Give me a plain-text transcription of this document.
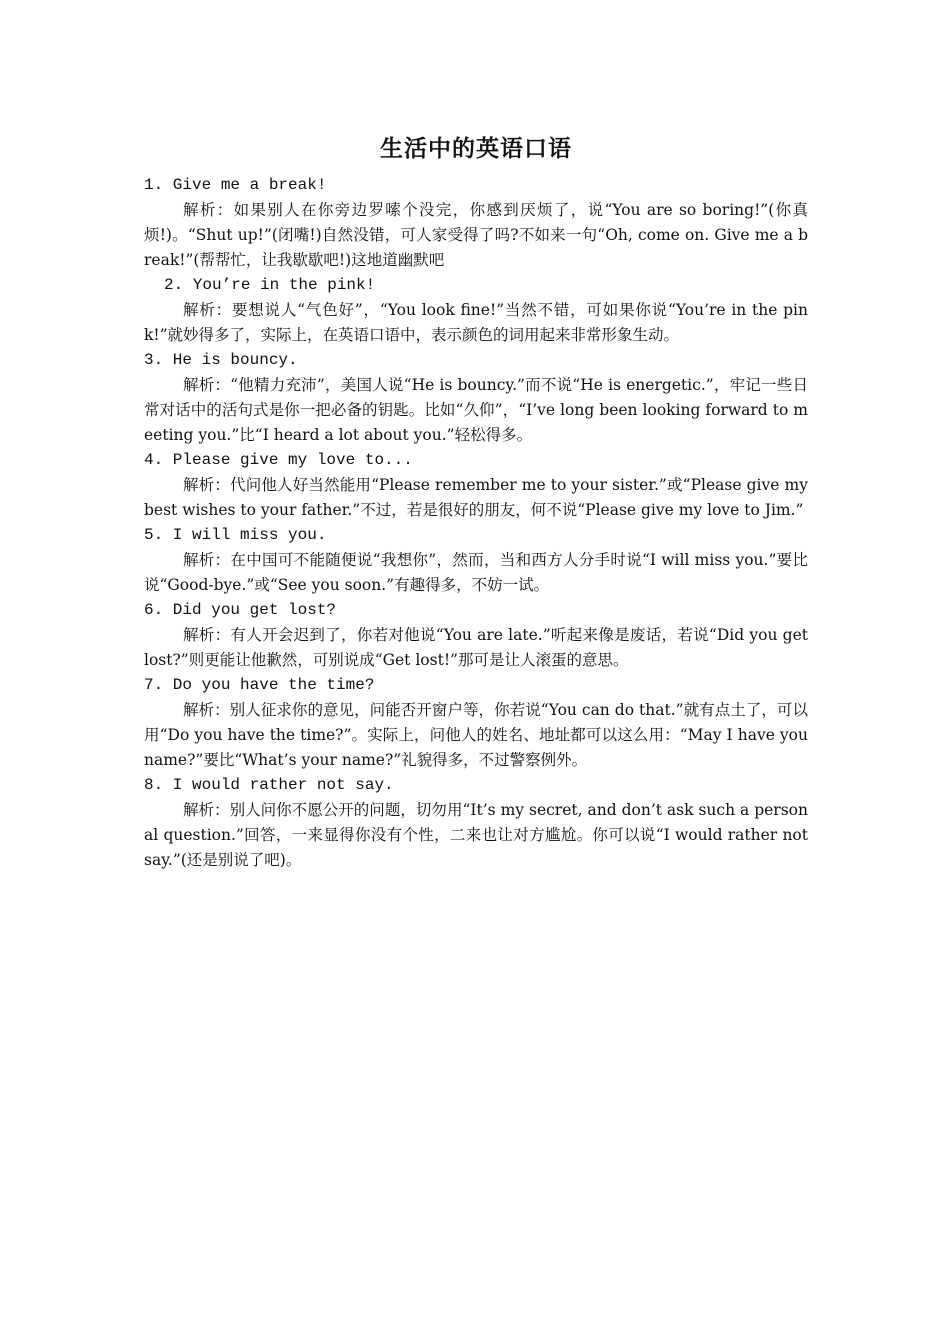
生活中的英语口语

1. Give me a break!

解析：如果别人在你旁边罗嗦个没完，你感到厌烦了，说“You are so boring!”(你真烦!)。“Shut up!”(闭嘴!)自然没错，可人家受得了吗?不如来一句“Oh, come on. Give me a break!”(帮帮忙，让我歇歇吧!)这地道幽默吧

2. You’re in the pink!

解析：要想说人“气色好”，“You look fine!”当然不错，可如果你说“You’re in the pink!”就妙得多了，实际上，在英语口语中，表示颜色的词用起来非常形象生动。

3. He is bouncy.

解析：“他精力充沛”，美国人说“He is bouncy.”而不说“He is energetic.”，牢记一些日常对话中的活句式是你一把必备的钥匙。比如“久仰”，“I’ve long been looking forward to meeting you.”比“I heard a lot about you.”轻松得多。

4. Please give my love to...

解析：代问他人好当然能用“Please remember me to your sister.”或“Please give my best wishes to your father.”不过，若是很好的朋友，何不说“Please give my love to Jim.”

5. I will miss you.

解析：在中国可不能随便说“我想你”，然而，当和西方人分手时说“I will miss you.”要比说“Good-bye.”或“See you soon.”有趣得多，不妨一试。

6. Did you get lost?

解析：有人开会迟到了，你若对他说“You are late.”听起来像是废话，若说“Did you get lost?”则更能让他歉然，可别说成“Get lost!”那可是让人滚蛋的意思。

7. Do you have the time?

解析：别人征求你的意见，问能否开窗户等，你若说“You can do that.”就有点土了，可以用“Do you have the time?”。实际上，问他人的姓名、地址都可以这么用：“May I have you name?”要比“What’s your name?”礼貌得多，不过警察例外。

8. I would rather not say.

解析：别人问你不愿公开的问题，切勿用“It’s my secret, and don’t ask such a personal question.”回答，一来显得你没有个性，二来也让对方尴尬。你可以说“I would rather not say.”(还是别说了吧)。
